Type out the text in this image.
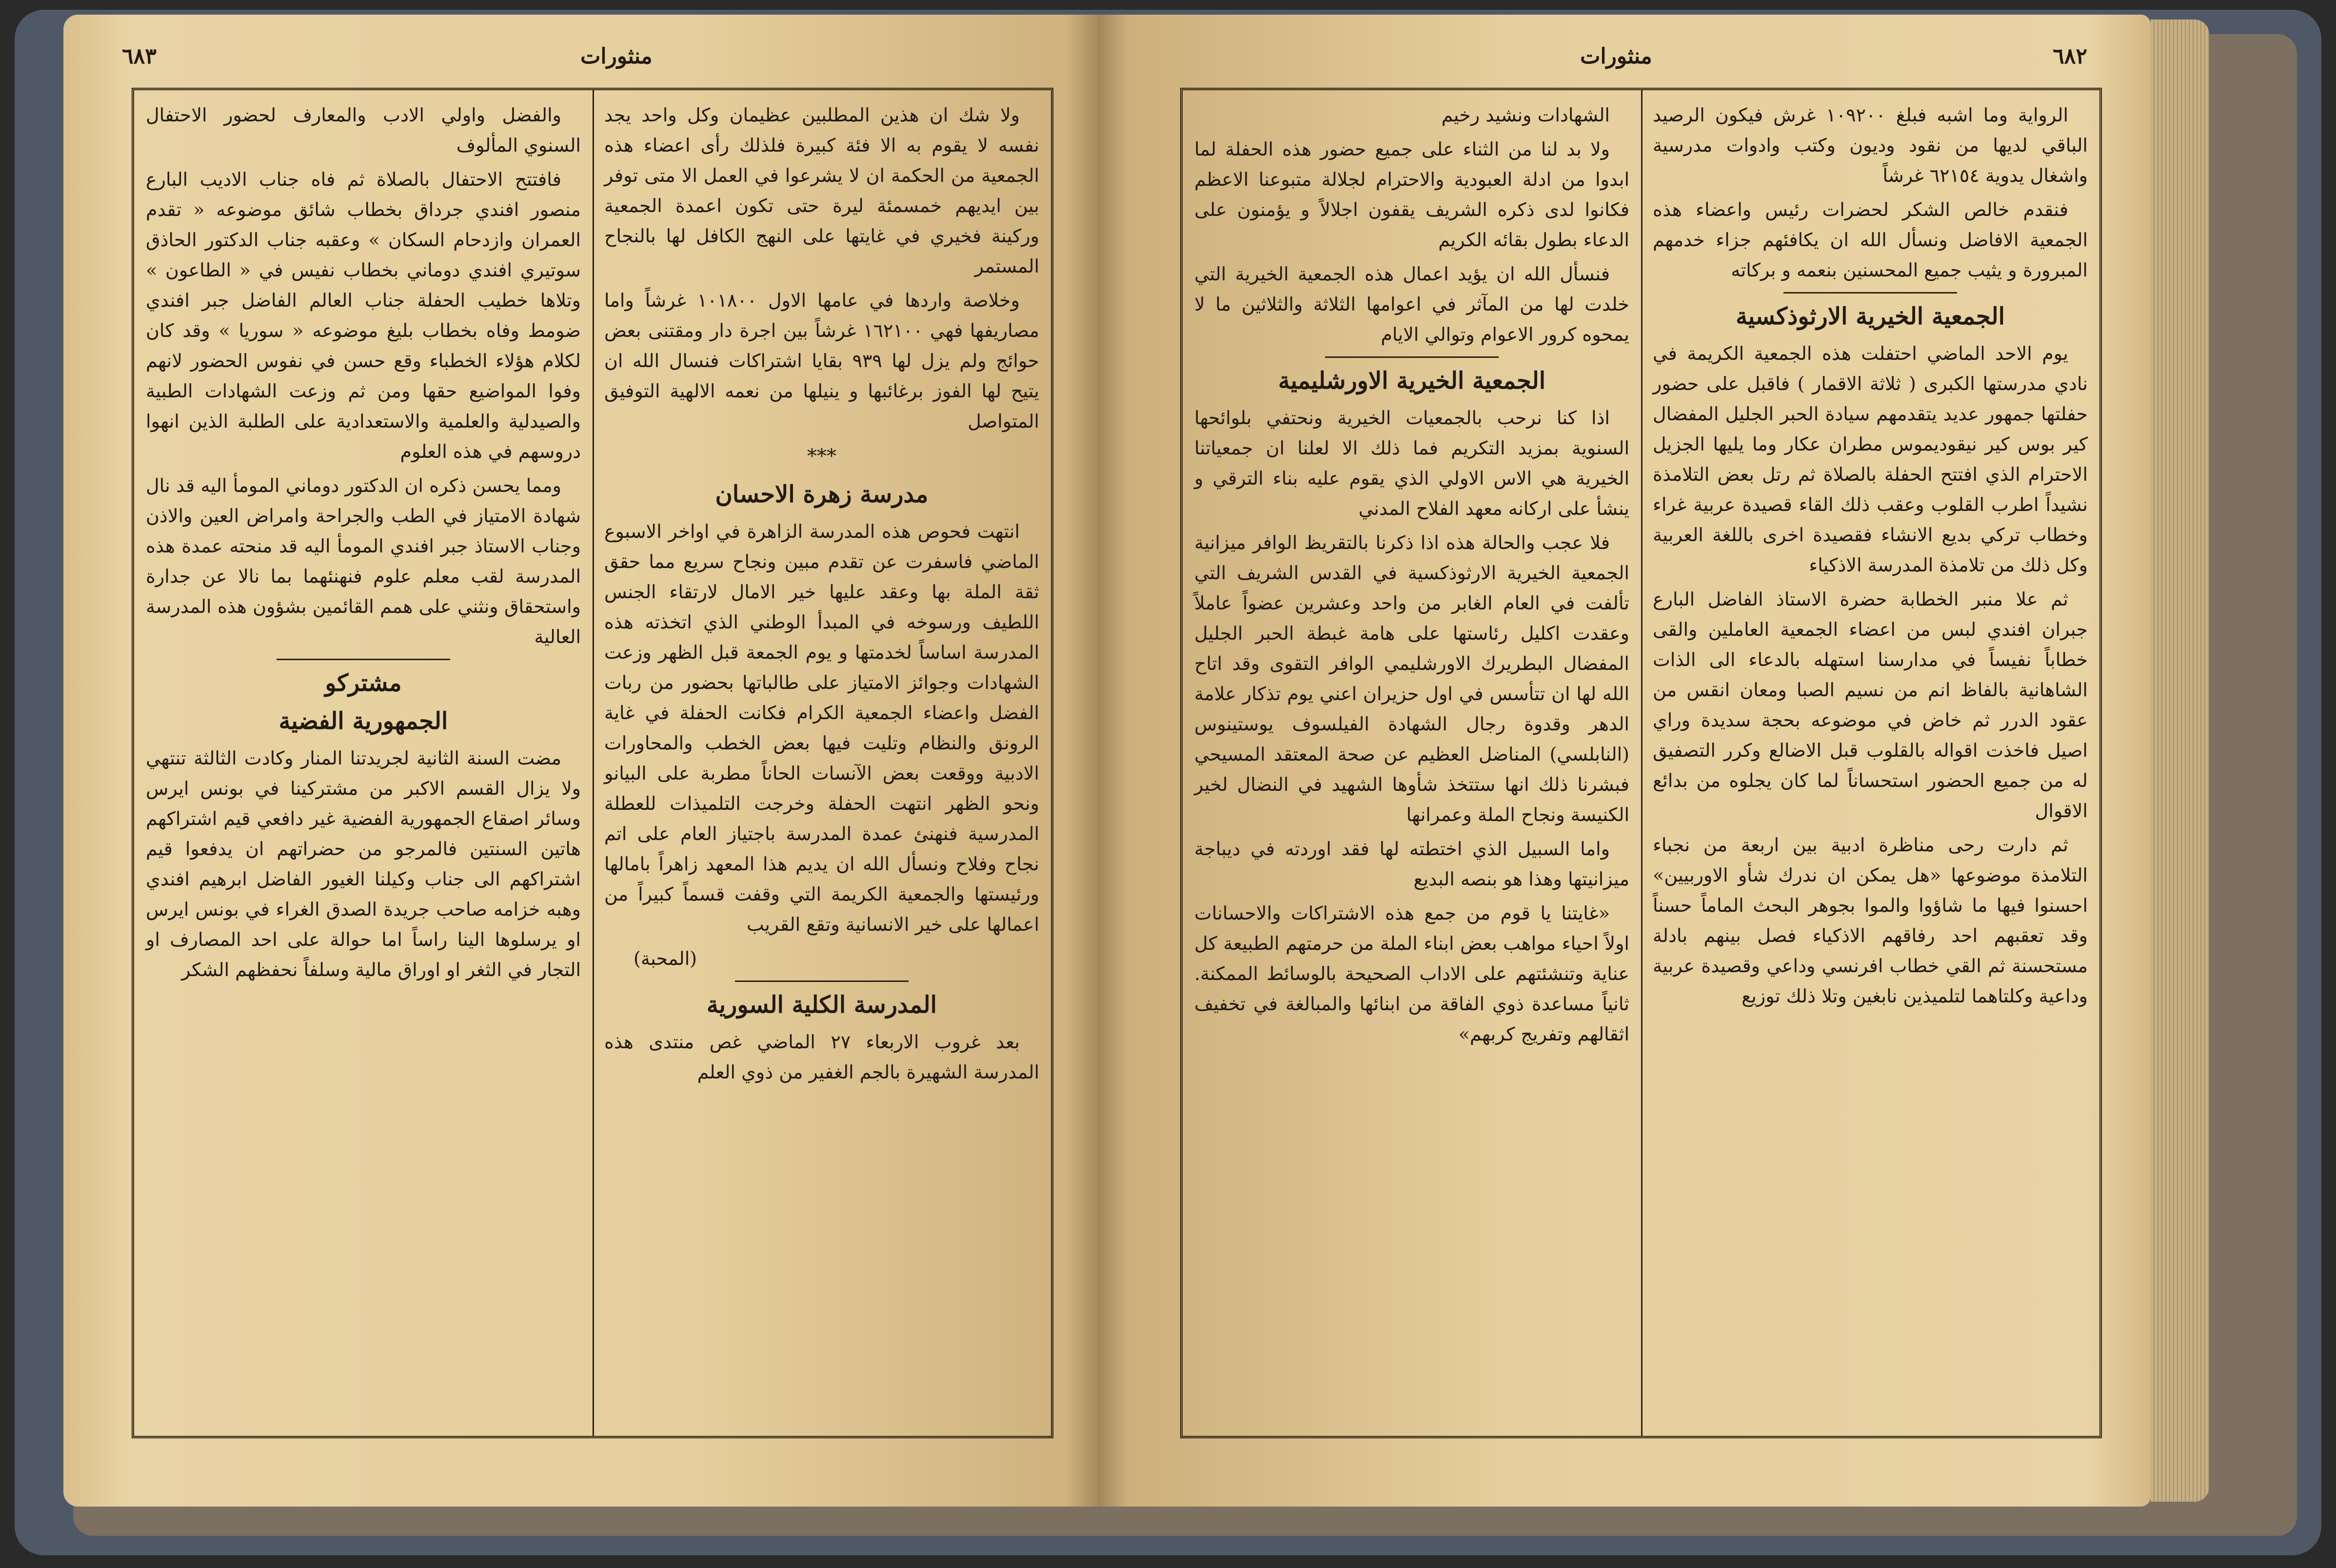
٦٨٣	منثورات
ولا شك ان هذين المطلبين عظيمان وكل واحد يجد نفسه لا يقوم به الا فئة كبيرة فلذلك رأى اعضاء هذه الجمعية من الحكمة ان لا يشرعوا في العمل الا متى توفر بين ايديهم خمسمئة ليرة حتى تكون اعمدة الجمعية وركينة فخيري في غايتها على النهج الكافل لها بالنجاح المستمر
وخلاصة واردها في عامها الاول ١٠١٨٠٠ غرشاً واما مصاريفها فهي ١٦٢١٠٠ غرشاً بين اجرة دار ومقتنى بعض حوائج ولم يزل لها ٩٣٩ بقايا اشتراكات فنسال الله ان يتيح لها الفوز برغائبها و ينيلها من نعمه الالهية التوفيق المتواصل
***
مدرسة زهرة الاحسان
انتهت فحوص هذه المدرسة الزاهرة في اواخر الاسبوع الماضي فاسفرت عن تقدم مبين ونجاح سريع مما حقق ثقة الملة بها وعقد عليها خير الامال لارتقاء الجنس اللطيف ورسوخه في المبدأ الوطني الذي اتخذته هذه المدرسة اساساً لخدمتها و يوم الجمعة قبل الظهر وزعت الشهادات وجوائز الامتياز على طالباتها بحضور من ربات الفضل واعضاء الجمعية الكرام فكانت الحفلة في غاية الرونق والنظام وتليت فيها بعض الخطب والمحاورات الادبية ووقعت بعض الآنسات الحاناً مطربة على البيانو ونحو الظهر انتهت الحفلة وخرجت التلميذات للعطلة المدرسية فنهنئ عمدة المدرسة باجتياز العام على اتم نجاح وفلاح ونسأل الله ان يديم هذا المعهد زاهراً بامالها ورئيستها والجمعية الكريمة التي وقفت قسماً كبيراً من اعمالها على خير الانسانية وتقع القريب
(المحبة)
المدرسة الكلية السورية
بعد غروب الاربعاء ٢٧ الماضي غص منتدى هذه المدرسة الشهيرة بالجم الغفير من ذوي العلم
والفضل واولي الادب والمعارف لحضور الاحتفال السنوي المألوف
فافتتح الاحتفال بالصلاة ثم فاه جناب الاديب البارع منصور افندي جرداق بخطاب شائق موضوعه « تقدم العمران وازدحام السكان » وعقبه جناب الدكتور الحاذق سوتيري افندي دوماني بخطاب نفيس في « الطاعون » وتلاها خطيب الحفلة جناب العالم الفاضل جبر افندي ضومط وفاه بخطاب بليغ موضوعه « سوريا » وقد كان لكلام هؤلاء الخطباء وقع حسن في نفوس الحضور لانهم وفوا المواضيع حقها ومن ثم وزعت الشهادات الطبية والصيدلية والعلمية والاستعدادية على الطلبة الذين انهوا دروسهم في هذه العلوم
ومما يحسن ذكره ان الدكتور دوماني المومأ اليه قد نال شهادة الامتياز في الطب والجراحة وامراض العين والاذن وجناب الاستاذ جبر افندي المومأ اليه قد منحته عمدة هذه المدرسة لقب معلم علوم فنهنئهما بما نالا عن جدارة واستحقاق ونثني على همم القائمين بشؤون هذه المدرسة العالية
مشتركو
الجمهورية الفضية
مضت السنة الثانية لجريدتنا المنار وكادت الثالثة تنتهي ولا يزال القسم الاكبر من مشتركينا في بونس ايرس وسائر اصقاع الجمهورية الفضية غير دافعي قيم اشتراكهم هاتين السنتين فالمرجو من حضراتهم ان يدفعوا قيم اشتراكهم الى جناب وكيلنا الغيور الفاضل ابرهيم افندي وهبه خزامه صاحب جريدة الصدق الغراء في بونس ايرس او يرسلوها الينا راساً اما حوالة على احد المصارف او التجار في الثغر او اوراق مالية وسلفاً نحفظهم الشكر
٦٨٢
منثورات
الرواية وما اشبه فبلغ ١٠٩٢٠٠ غرش فيكون الرصيد الباقي لديها من نقود وديون وكتب وادوات مدرسية واشغال يدوية ٦٢١٥٤ غرشاً
فنقدم خالص الشكر لحضرات رئيس واعضاء هذه الجمعية الافاضل ونسأل الله ان يكافئهم جزاء خدمهم المبرورة و يثيب جميع المحسنين بنعمه و بركاته
الجمعية الخيرية الارثوذكسية
يوم الاحد الماضي احتفلت هذه الجمعية الكريمة في نادي مدرستها الكبرى ( ثلاثة الاقمار ) فاقبل على حضور حفلتها جمهور عديد يتقدمهم سيادة الحبر الجليل المفضال كير بوس كير نيقوديموس مطران عكار وما يليها الجزيل الاحترام الذي افتتح الحفلة بالصلاة ثم رتل بعض التلامذة نشيداً اطرب القلوب وعقب ذلك القاء قصيدة عربية غراء وخطاب تركي بديع الانشاء فقصيدة اخرى باللغة العربية وكل ذلك من تلامذة المدرسة الاذكياء
ثم علا منبر الخطابة حضرة الاستاذ الفاضل البارع جبران افندي لبس من اعضاء الجمعية العاملين والقى خطاباً نفيساً في مدارسنا استهله بالدعاء الى الذات الشاهانية بالفاظ انم من نسيم الصبا ومعان انقس من عقود الدرر ثم خاض في موضوعه بحجة سديدة وراي اصيل فاخذت اقواله بالقلوب قبل الاضالع وكرر التصفيق له من جميع الحضور استحساناً لما كان يجلوه من بدائع الاقوال
ثم دارت رحى مناظرة ادبية بين اربعة من نجباء التلامذة موضوعها «هل يمكن ان ندرك شأو الاوربيين» احسنوا فيها ما شاؤوا والموا بجوهر البحث الماماً حسناً وقد تعقبهم احد رفاقهم الاذكياء فصل بينهم بادلة مستحسنة ثم القي خطاب افرنسي وداعي وقصيدة عربية وداعية وكلتاهما لتلميذين نابغين وتلا ذلك توزيع
الشهادات ونشيد رخيم
ولا بد لنا من الثناء على جميع حضور هذه الحفلة لما ابدوا من ادلة العبودية والاحترام لجلالة متبوعنا الاعظم فكانوا لدى ذكره الشريف يقفون اجلالاً و يؤمنون على الدعاء بطول بقائه الكريم
فنسأل الله ان يؤيد اعمال هذه الجمعية الخيرية التي خلدت لها من المآثر في اعوامها الثلاثة والثلاثين ما لا يمحوه كرور الاعوام وتوالي الايام
الجمعية الخيرية الاورشليمية
اذا كنا نرحب بالجمعيات الخيرية ونحتفي بلوائحها السنوية بمزيد التكريم فما ذلك الا لعلنا ان جمعياتنا الخيرية هي الاس الاولي الذي يقوم عليه بناء الترقي و ينشأ على اركانه معهد الفلاح المدني
فلا عجب والحالة هذه اذا ذكرنا بالتقريظ الوافر ميزانية الجمعية الخيرية الارثوذكسية في القدس الشريف التي تألفت في العام الغابر من واحد وعشرين عضواً عاملاً وعقدت اكليل رئاستها على هامة غبطة الحبر الجليل المفضال البطريرك الاورشليمي الوافر التقوى وقد اتاح الله لها ان تتأسس في اول حزيران اعني يوم تذكار علامة الدهر وقدوة رجال الشهادة الفيلسوف يوستينوس (النابلسي) المناضل العظيم عن صحة المعتقد المسيحي فبشرنا ذلك انها ستتخذ شأوها الشهيد في النضال لخير الكنيسة ونجاح الملة وعمرانها
واما السبيل الذي اختطته لها فقد اوردته في ديباجة ميزانيتها وهذا هو بنصه البديع
«غايتنا يا قوم من جمع هذه الاشتراكات والاحسانات اولاً احياء مواهب بعض ابناء الملة من حرمتهم الطبيعة كل عناية وتنشئتهم على الاداب الصحيحة بالوسائط الممكنة. ثانياً مساعدة ذوي الفاقة من ابنائها والمبالغة في تخفيف اثقالهم وتفريج كربهم»
